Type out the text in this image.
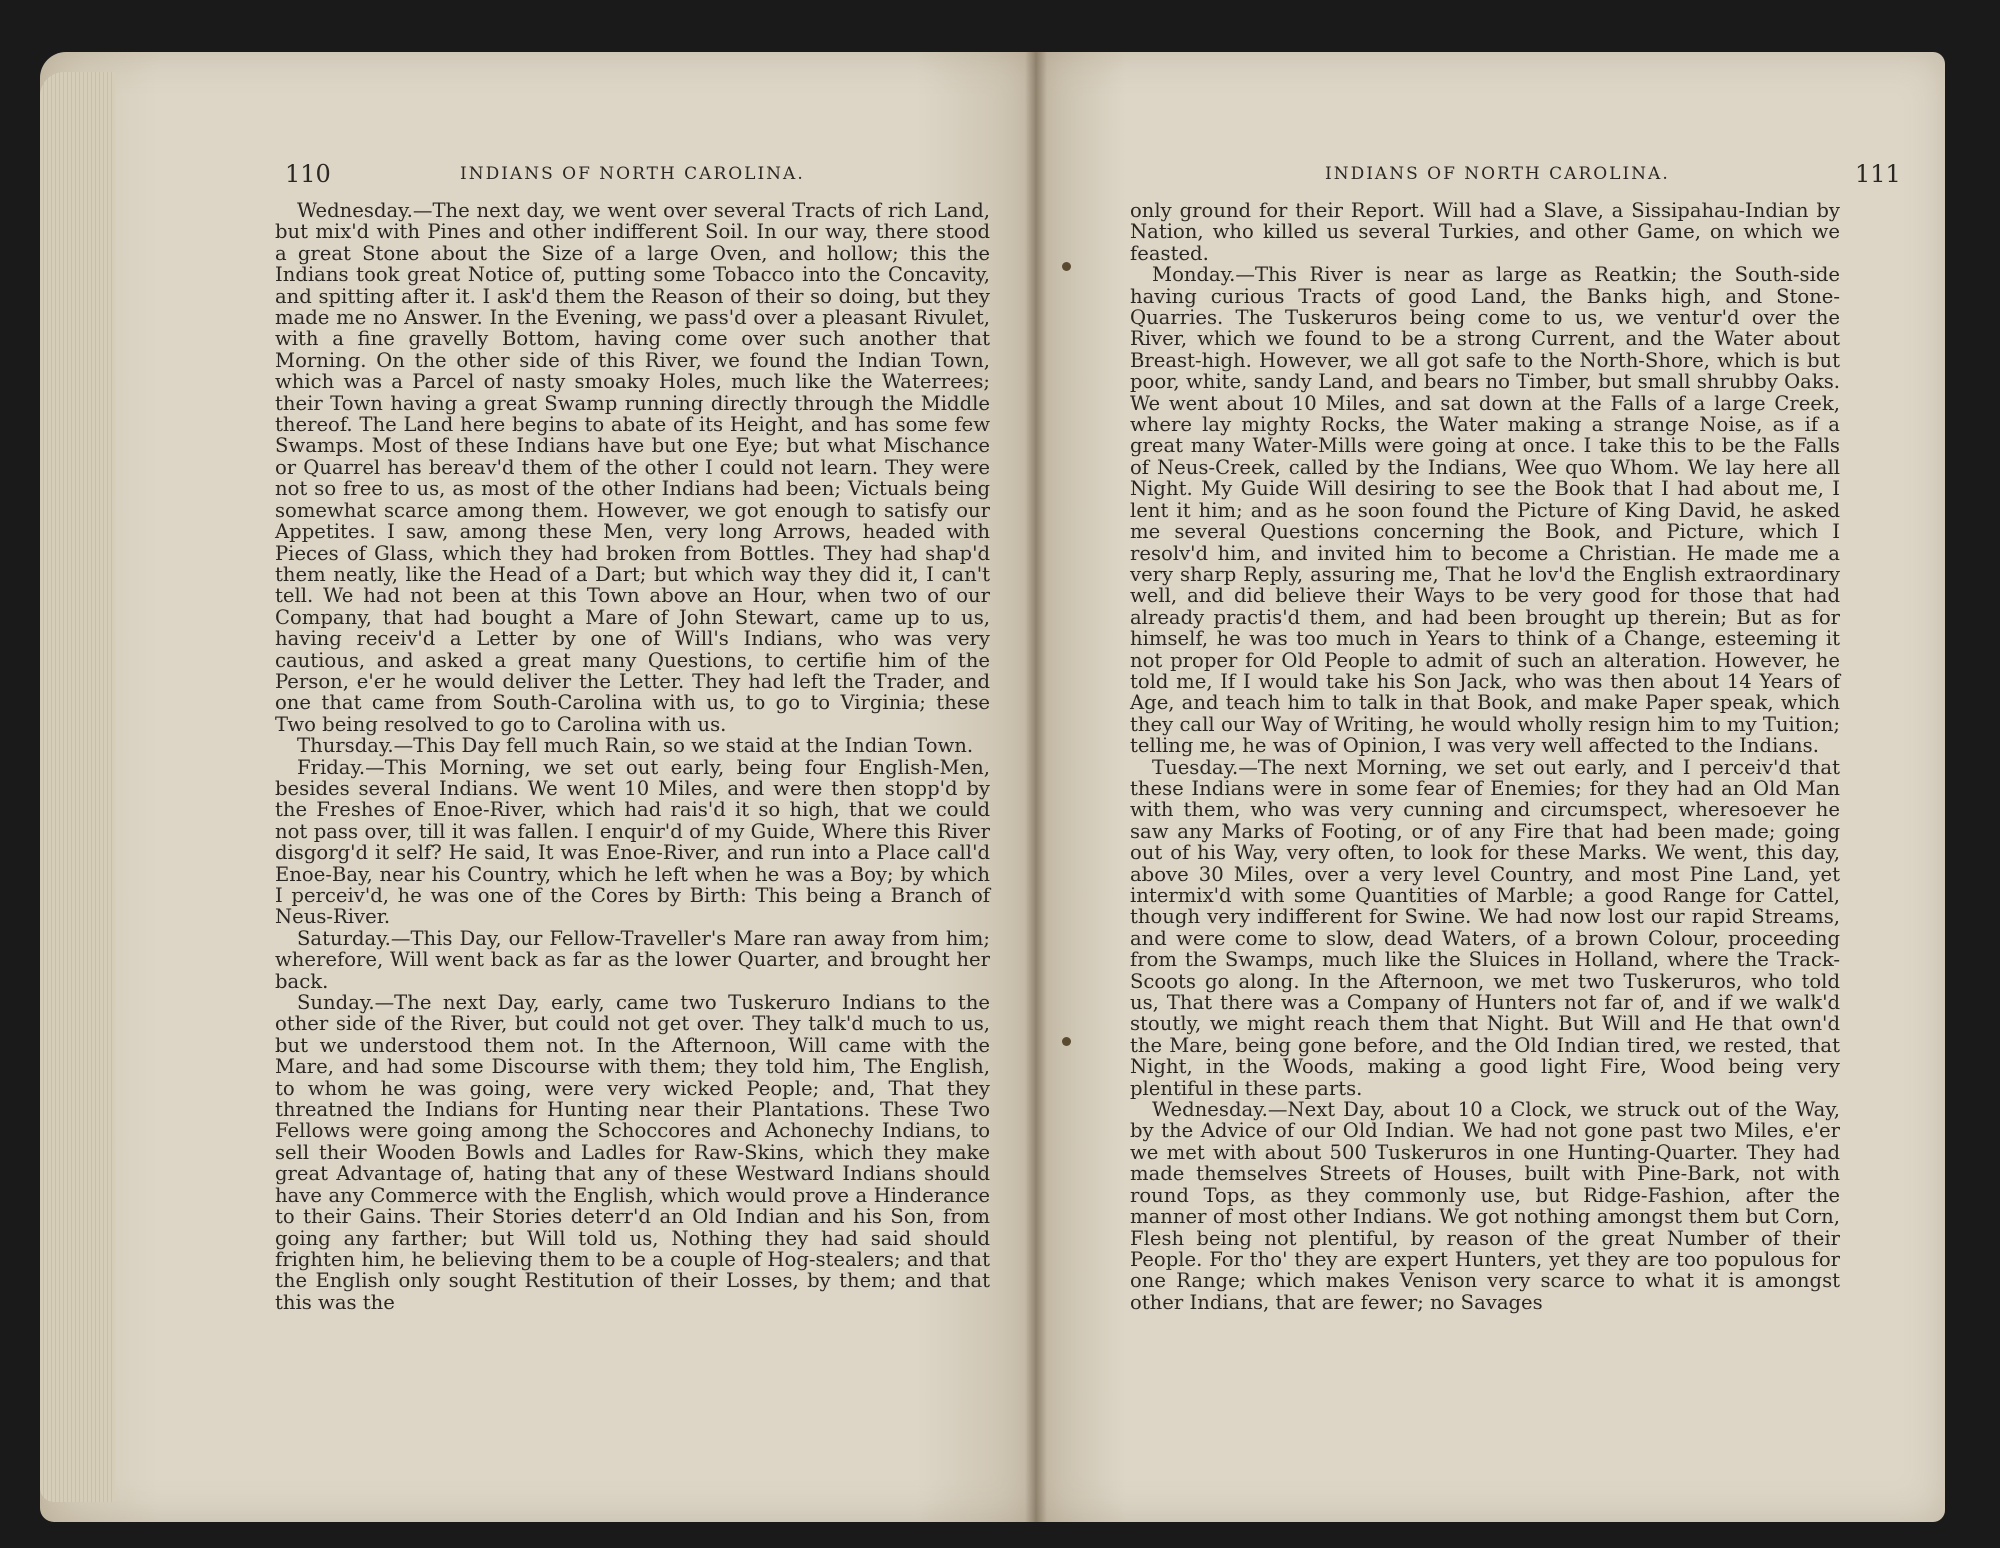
110	INDIANS OF NORTH CAROLINA.

Wednesday.—The next day, we went over several Tracts of rich Land, but mix'd with Pines and other indifferent Soil. In our way, there stood a great Stone about the Size of a large Oven, and hollow; this the Indians took great Notice of, putting some Tobacco into the Concavity, and spitting after it. I ask'd them the Reason of their so doing, but they made me no Answer. In the Evening, we pass'd over a pleasant Rivulet, with a fine gravelly Bottom, having come over such another that Morning. On the other side of this River, we found the Indian Town, which was a Parcel of nasty smoaky Holes, much like the Waterrees; their Town having a great Swamp running directly through the Middle thereof. The Land here begins to abate of its Height, and has some few Swamps. Most of these Indians have but one Eye; but what Mischance or Quarrel has bereav'd them of the other I could not learn. They were not so free to us, as most of the other Indians had been; Victuals being somewhat scarce among them. However, we got enough to satisfy our Appetites. I saw, among these Men, very long Arrows, headed with Pieces of Glass, which they had broken from Bottles. They had shap'd them neatly, like the Head of a Dart; but which way they did it, I can't tell. We had not been at this Town above an Hour, when two of our Company, that had bought a Mare of John Stewart, came up to us, having receiv'd a Letter by one of Will's Indians, who was very cautious, and asked a great many Questions, to certifie him of the Person, e'er he would deliver the Letter. They had left the Trader, and one that came from South-Carolina with us, to go to Virginia; these Two being resolved to go to Carolina with us.

Thursday.—This Day fell much Rain, so we staid at the Indian Town.

Friday.—This Morning, we set out early, being four English-Men, besides several Indians. We went 10 Miles, and were then stopp'd by the Freshes of Enoe-River, which had rais'd it so high, that we could not pass over, till it was fallen. I enquir'd of my Guide, Where this River disgorg'd it self? He said, It was Enoe-River, and run into a Place call'd Enoe-Bay, near his Country, which he left when he was a Boy; by which I perceiv'd, he was one of the Cores by Birth: This being a Branch of Neus-River.

Saturday.—This Day, our Fellow-Traveller's Mare ran away from him; wherefore, Will went back as far as the lower Quarter, and brought her back.

Sunday.—The next Day, early, came two Tuskeruro Indians to the other side of the River, but could not get over. They talk'd much to us, but we understood them not. In the Afternoon, Will came with the Mare, and had some Discourse with them; they told him, The English, to whom he was going, were very wicked People; and, That they threatned the Indians for Hunting near their Plantations. These Two Fellows were going among the Schoccores and Achonechy Indians, to sell their Wooden Bowls and Ladles for Raw-Skins, which they make great Advantage of, hating that any of these Westward Indians should have any Commerce with the English, which would prove a Hinderance to their Gains. Their Stories deterr'd an Old Indian and his Son, from going any farther; but Will told us, Nothing they had said should frighten him, he believing them to be a couple of Hog-stealers; and that the English only sought Restitution of their Losses, by them; and that this was the

INDIANS OF NORTH CAROLINA.	111

only ground for their Report. Will had a Slave, a Sissipahau-Indian by Nation, who killed us several Turkies, and other Game, on which we feasted.

Monday.—This River is near as large as Reatkin; the South-side having curious Tracts of good Land, the Banks high, and Stone-Quarries. The Tuskeruros being come to us, we ventur'd over the River, which we found to be a strong Current, and the Water about Breast-high. However, we all got safe to the North-Shore, which is but poor, white, sandy Land, and bears no Timber, but small shrubby Oaks. We went about 10 Miles, and sat down at the Falls of a large Creek, where lay mighty Rocks, the Water making a strange Noise, as if a great many Water-Mills were going at once. I take this to be the Falls of Neus-Creek, called by the Indians, Wee quo Whom. We lay here all Night. My Guide Will desiring to see the Book that I had about me, I lent it him; and as he soon found the Picture of King David, he asked me several Questions concerning the Book, and Picture, which I resolv'd him, and invited him to become a Christian. He made me a very sharp Reply, assuring me, That he lov'd the English extraordinary well, and did believe their Ways to be very good for those that had already practis'd them, and had been brought up therein; But as for himself, he was too much in Years to think of a Change, esteeming it not proper for Old People to admit of such an alteration. However, he told me, If I would take his Son Jack, who was then about 14 Years of Age, and teach him to talk in that Book, and make Paper speak, which they call our Way of Writing, he would wholly resign him to my Tuition; telling me, he was of Opinion, I was very well affected to the Indians.

Tuesday.—The next Morning, we set out early, and I perceiv'd that these Indians were in some fear of Enemies; for they had an Old Man with them, who was very cunning and circumspect, wheresoever he saw any Marks of Footing, or of any Fire that had been made; going out of his Way, very often, to look for these Marks. We went, this day, above 30 Miles, over a very level Country, and most Pine Land, yet intermix'd with some Quantities of Marble; a good Range for Cattel, though very indifferent for Swine. We had now lost our rapid Streams, and were come to slow, dead Waters, of a brown Colour, proceeding from the Swamps, much like the Sluices in Holland, where the Track-Scoots go along. In the Afternoon, we met two Tuskeruros, who told us, That there was a Company of Hunters not far of, and if we walk'd stoutly, we might reach them that Night. But Will and He that own'd the Mare, being gone before, and the Old Indian tired, we rested, that Night, in the Woods, making a good light Fire, Wood being very plentiful in these parts.

Wednesday.—Next Day, about 10 a Clock, we struck out of the Way, by the Advice of our Old Indian. We had not gone past two Miles, e'er we met with about 500 Tuskeruros in one Hunting-Quarter. They had made themselves Streets of Houses, built with Pine-Bark, not with round Tops, as they commonly use, but Ridge-Fashion, after the manner of most other Indians. We got nothing amongst them but Corn, Flesh being not plentiful, by reason of the great Number of their People. For tho' they are expert Hunters, yet they are too populous for one Range; which makes Venison very scarce to what it is amongst other Indians, that are fewer; no Savages
